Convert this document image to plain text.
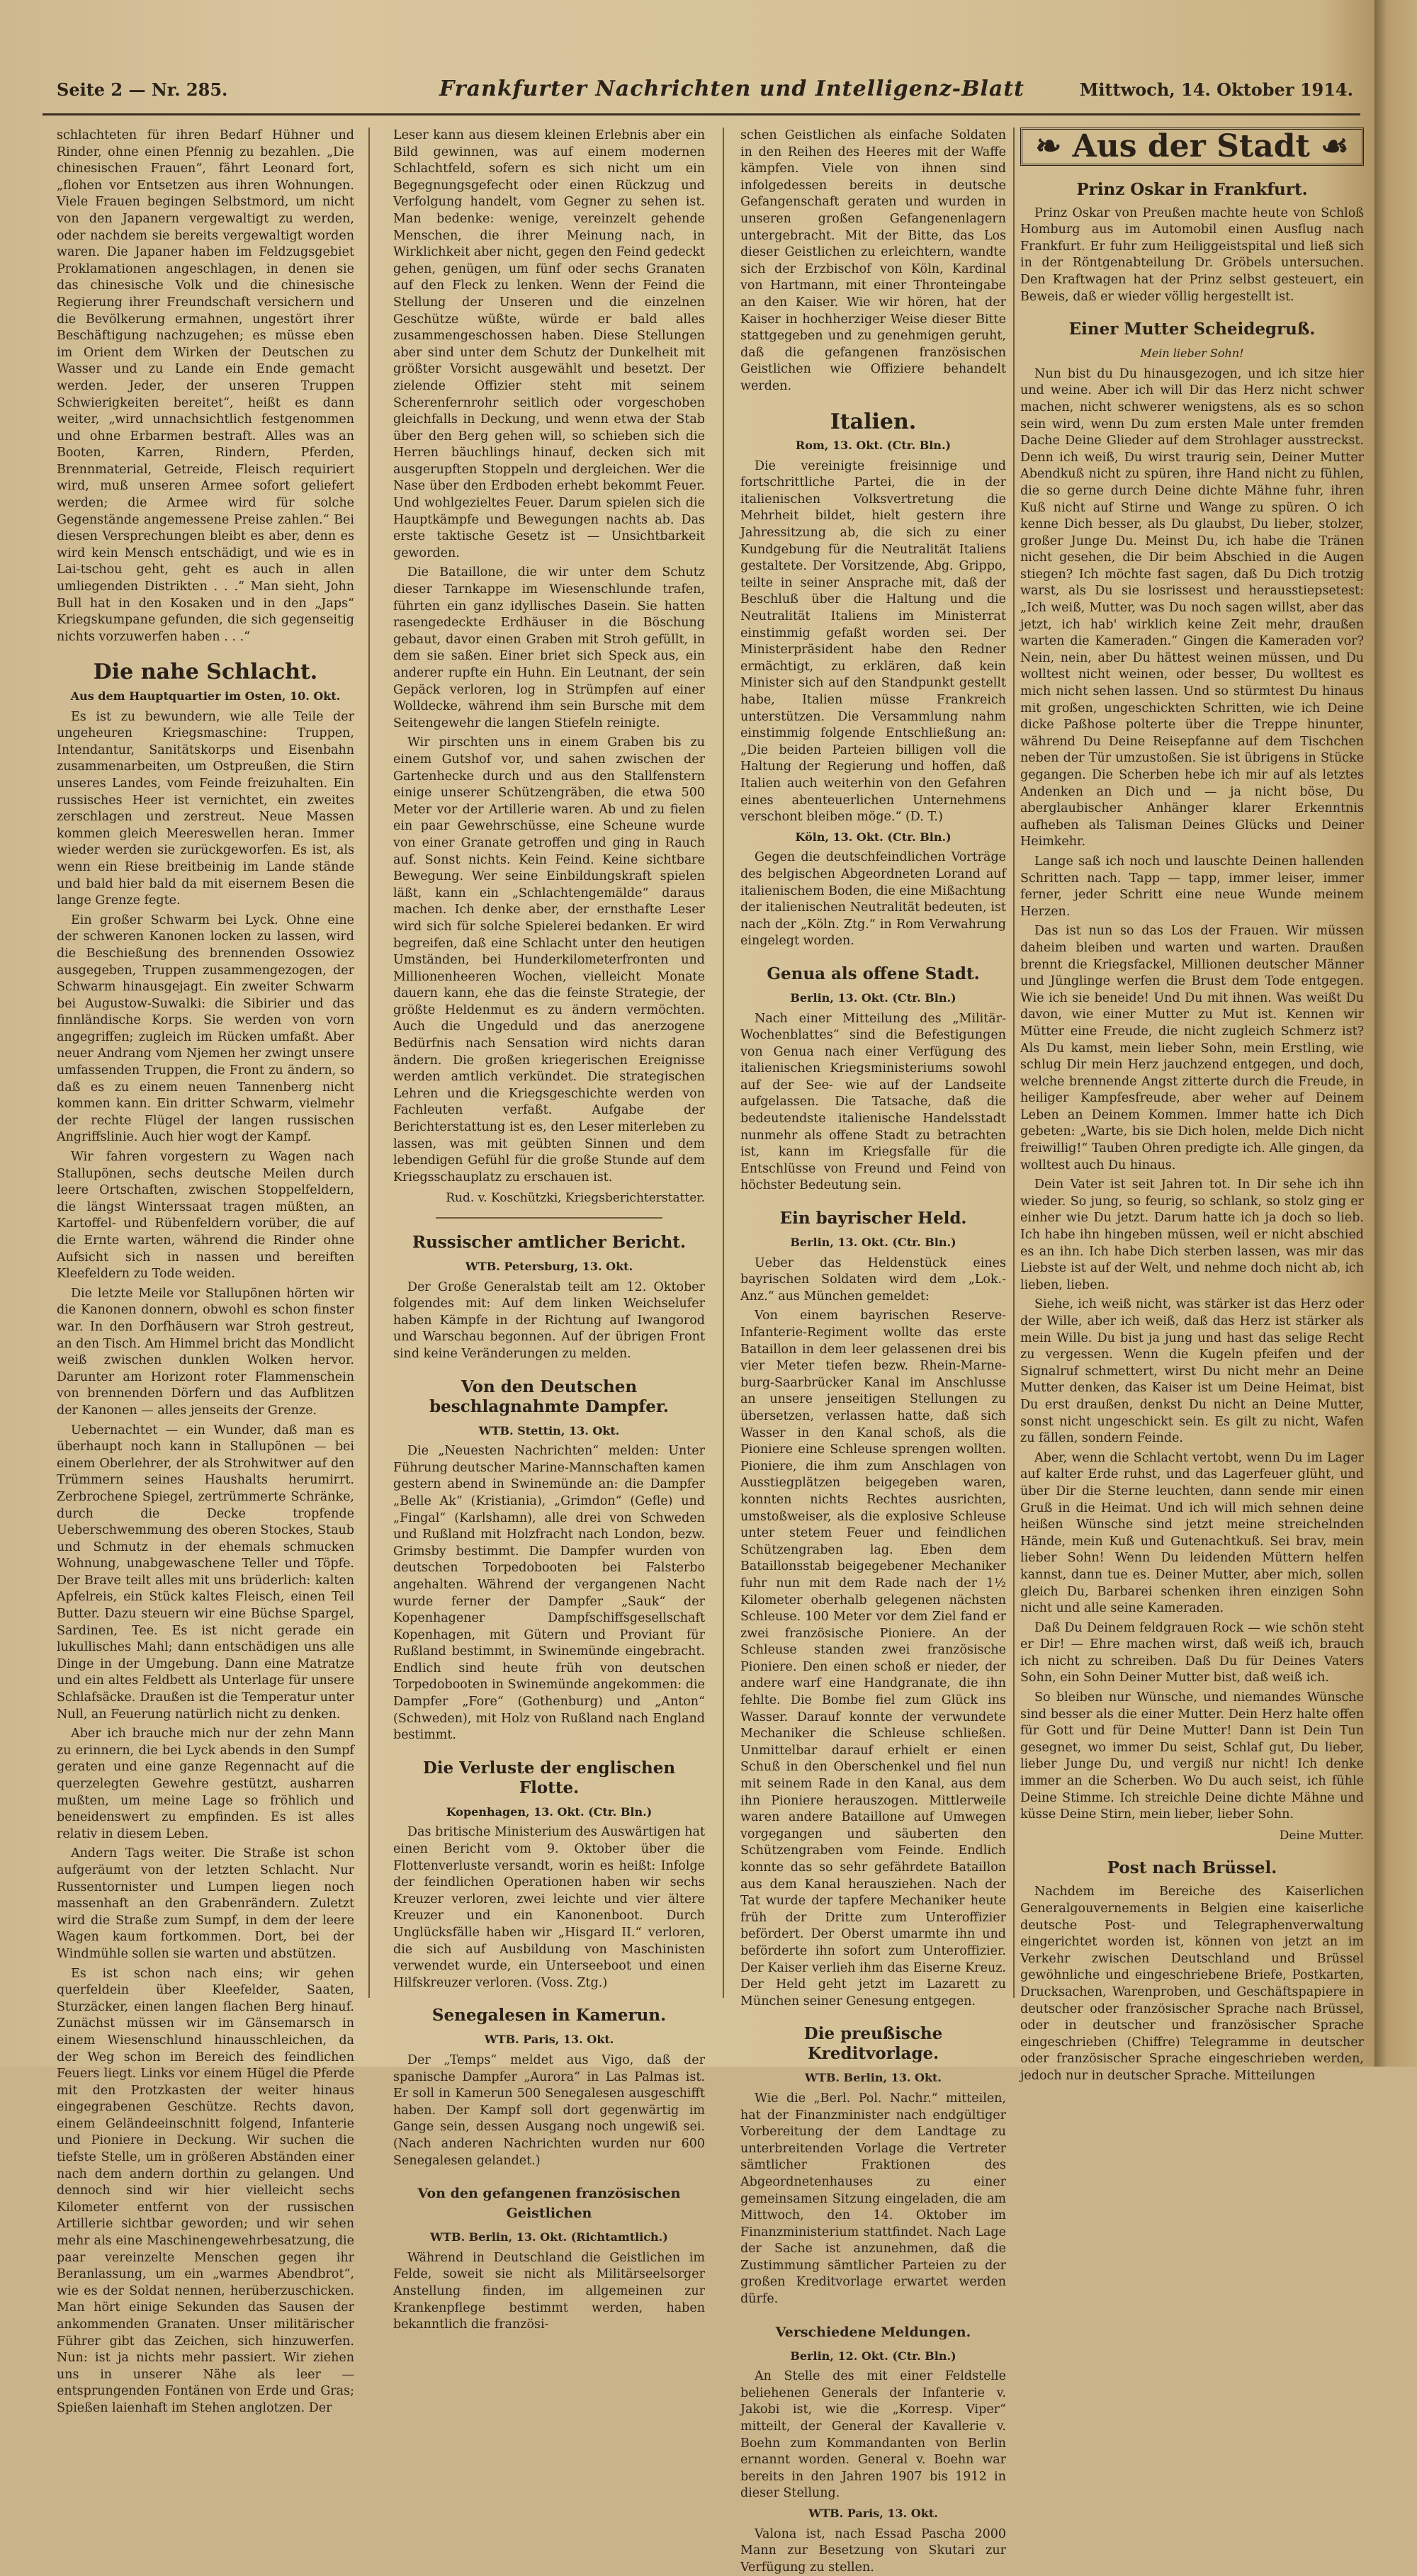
Seite 2 — Nr. 285.	Frankfurter Nachrichten und Intelligenz-Blatt	Mittwoch, 14. Oktober 1914.

schlachteten für ihren Bedarf Hühner und Rinder, ohne einen Pfennig zu bezahlen. „Die chinesischen Frauen“, fährt Leonard fort, „flohen vor Entsetzen aus ihren Wohnungen. Viele Frauen begingen Selbstmord, um nicht von den Japanern vergewaltigt zu werden, oder nachdem sie bereits vergewaltigt worden waren. Die Japaner haben im Feldzugsgebiet Proklamationen angeschlagen, in denen sie das chinesische Volk und die chinesische Regierung ihrer Freundschaft versichern und die Bevölkerung ermahnen, ungestört ihrer Beschäftigung nachzugehen; es müsse eben im Orient dem Wirken der Deutschen zu Wasser und zu Lande ein Ende gemacht werden. Jeder, der unseren Truppen Schwierigkeiten bereitet“, heißt es dann weiter, „wird unnachsichtlich festgenommen und ohne Erbarmen bestraft. Alles was an Booten, Karren, Rindern, Pferden, Brennmaterial, Getreide, Fleisch requiriert wird, muß unseren Armee sofort geliefert werden; die Armee wird für solche Gegenstände angemessene Preise zahlen.“ Bei diesen Versprechungen bleibt es aber, denn es wird kein Mensch entschädigt, und wie es in Lai-tschou geht, geht es auch in allen umliegenden Distrikten . . .“ Man sieht, John Bull hat in den Kosaken und in den „Japs“ Kriegskumpane gefunden, die sich gegenseitig nichts vorzuwerfen haben . . .“

Die nahe Schlacht.
Aus dem Hauptquartier im Osten, 10. Okt.

Es ist zu bewundern, wie alle Teile der ungeheuren Kriegsmaschine: Truppen, Intendantur, Sanitätskorps und Eisenbahn zusammenarbeiten, um Ostpreußen, die Stirn unseres Landes, vom Feinde freizuhalten. Ein russisches Heer ist vernichtet, ein zweites zerschlagen und zerstreut. Neue Massen kommen gleich Meereswellen heran. Immer wieder werden sie zurückgeworfen. Es ist, als wenn ein Riese breitbeinig im Lande stände und bald hier bald da mit eisernem Besen die lange Grenze fegte.

Ein großer Schwarm bei Lyck. Ohne eine der schweren Kanonen locken zu lassen, wird die Beschießung des brennenden Ossowiez ausgegeben, Truppen zusammengezogen, der Schwarm hinausgejagt. Ein zweiter Schwarm bei Augustow-Suwalki: die Sibirier und das finnländische Korps. Sie werden von vorn angegriffen; zugleich im Rücken umfaßt. Aber neuer Andrang vom Njemen her zwingt unsere umfassenden Truppen, die Front zu ändern, so daß es zu einem neuen Tannenberg nicht kommen kann. Ein dritter Schwarm, vielmehr der rechte Flügel der langen russischen Angriffslinie. Auch hier wogt der Kampf.

Wir fahren vorgestern zu Wagen nach Stallupönen, sechs deutsche Meilen durch leere Ortschaften, zwischen Stoppelfeldern, die längst Winterssaat tragen müßten, an Kartoffel- und Rübenfeldern vorüber, die auf die Ernte warten, während die Rinder ohne Aufsicht sich in nassen und bereiften Kleefeldern zu Tode weiden.

Die letzte Meile vor Stallupönen hörten wir die Kanonen donnern, obwohl es schon finster war. In den Dorfhäusern war Stroh gestreut, an den Tisch. Am Himmel bricht das Mondlicht weiß zwischen dunklen Wolken hervor. Darunter am Horizont roter Flammenschein von brennenden Dörfern und das Aufblitzen der Kanonen — alles jenseits der Grenze.

Uebernachtet — ein Wunder, daß man es überhaupt noch kann in Stallupönen — bei einem Oberlehrer, der als Strohwitwer auf den Trümmern seines Haushalts herumirrt. Zerbrochene Spiegel, zertrümmerte Schränke, durch die Decke tropfende Ueberschwemmung des oberen Stockes, Staub und Schmutz in der ehemals schmucken Wohnung, unabgewaschene Teller und Töpfe. Der Brave teilt alles mit uns brüderlich: kalten Apfelreis, ein Stück kaltes Fleisch, einen Teil Butter. Dazu steuern wir eine Büchse Spargel, Sardinen, Tee. Es ist nicht gerade ein lukullisches Mahl; dann entschädigen uns alle Dinge in der Umgebung. Dann eine Matratze und ein altes Feldbett als Unterlage für unsere Schlafsäcke. Draußen ist die Temperatur unter Null, an Feuerung natürlich nicht zu denken.

Aber ich brauche mich nur der zehn Mann zu erinnern, die bei Lyck abends in den Sumpf geraten und eine ganze Regennacht auf die querzelegten Gewehre gestützt, ausharren mußten, um meine Lage so fröhlich und beneidenswert zu empfinden. Es ist alles relativ in diesem Leben.

Andern Tags weiter. Die Straße ist schon aufgeräumt von der letzten Schlacht. Nur Russentornister und Lumpen liegen noch massenhaft an den Grabenrändern. Zuletzt wird die Straße zum Sumpf, in dem der leere Wagen kaum fortkommen. Dort, bei der Windmühle sollen sie warten und abstützen.

Es ist schon nach eins; wir gehen querfeldein über Kleefelder, Saaten, Sturzäcker, einen langen flachen Berg hinauf. Zunächst müssen wir im Gänsemarsch in einem Wiesenschlund hinausschleichen, da der Weg schon im Bereich des feindlichen Feuers liegt. Links vor einem Hügel die Pferde mit den Protzkasten der weiter hinaus eingegrabenen Geschütze. Rechts davon, einem Geländeeinschnitt folgend, Infanterie und Pioniere in Deckung. Wir suchen die tiefste Stelle, um in größeren Abständen einer nach dem andern dorthin zu gelangen. Und dennoch sind wir hier vielleicht sechs Kilometer entfernt von der russischen Artillerie sichtbar geworden; und wir sehen mehr als eine Maschinengewehrbesatzung, die paar vereinzelte Menschen gegen ihr Beranlassung, um ein „warmes Abendbrot“, wie es der Soldat nennen, herüberzuschicken. Man hört einige Sekunden das Sausen der ankommenden Granaten. Unser militärischer Führer gibt das Zeichen, sich hinzuwerfen. Nun: ist ja nichts mehr passiert. Wir ziehen uns in unserer Nähe als leer — entsprungenden Fontänen von Erde und Gras; Spießen laienhaft im Stehen anglotzen. Der

Leser kann aus diesem kleinen Erlebnis aber ein Bild gewinnen, was auf einem modernen Schlachtfeld, sofern es sich nicht um ein Begegnungsgefecht oder einen Rückzug und Verfolgung handelt, vom Gegner zu sehen ist. Man bedenke: wenige, vereinzelt gehende Menschen, die ihrer Meinung nach, in Wirklichkeit aber nicht, gegen den Feind gedeckt gehen, genügen, um fünf oder sechs Granaten auf den Fleck zu lenken. Wenn der Feind die Stellung der Unseren und die einzelnen Geschütze wüßte, würde er bald alles zusammengeschossen haben. Diese Stellungen aber sind unter dem Schutz der Dunkelheit mit größter Vorsicht ausgewählt und besetzt. Der zielende Offizier steht mit seinem Scherenfernrohr seitlich oder vorgeschoben gleichfalls in Deckung, und wenn etwa der Stab über den Berg gehen will, so schieben sich die Herren bäuchlings hinauf, decken sich mit ausgerupften Stoppeln und dergleichen. Wer die Nase über den Erdboden erhebt bekommt Feuer. Und wohlgezieltes Feuer. Darum spielen sich die Hauptkämpfe und Bewegungen nachts ab. Das erste taktische Gesetz ist — Unsichtbarkeit geworden.

Die Bataillone, die wir unter dem Schutz dieser Tarnkappe im Wiesenschlunde trafen, führten ein ganz idyllisches Dasein. Sie hatten rasengedeckte Erdhäuser in die Böschung gebaut, davor einen Graben mit Stroh gefüllt, in dem sie saßen. Einer briet sich Speck aus, ein anderer rupfte ein Huhn. Ein Leutnant, der sein Gepäck verloren, log in Strümpfen auf einer Wolldecke, während ihm sein Bursche mit dem Seitengewehr die langen Stiefeln reinigte.

Wir pirschten uns in einem Graben bis zu einem Gutshof vor, und sahen zwischen der Gartenhecke durch und aus den Stallfenstern einige unserer Schützengräben, die etwa 500 Meter vor der Artillerie waren. Ab und zu fielen ein paar Gewehrschüsse, eine Scheune wurde von einer Granate getroffen und ging in Rauch auf. Sonst nichts. Kein Feind. Keine sichtbare Bewegung. Wer seine Einbildungskraft spielen läßt, kann ein „Schlachtengemälde“ daraus machen. Ich denke aber, der ernsthafte Leser wird sich für solche Spielerei bedanken. Er wird begreifen, daß eine Schlacht unter den heutigen Umständen, bei Hunderkilometerfronten und Millionenheeren Wochen, vielleicht Monate dauern kann, ehe das die feinste Strategie, der größte Heldenmut es zu ändern vermöchten. Auch die Ungeduld und das anerzogene Bedürfnis nach Sensation wird nichts daran ändern. Die großen kriegerischen Ereignisse werden amtlich verkündet. Die strategischen Lehren und die Kriegsgeschichte werden von Fachleuten verfaßt. Aufgabe der Berichterstattung ist es, den Leser miterleben zu lassen, was mit geübten Sinnen und dem lebendigen Gefühl für die große Stunde auf dem Kriegsschauplatz zu erschauen ist.

Rud. v. Koschützki, Kriegsberichterstatter.
Russischer amtlicher Bericht.
WTB. Petersburg, 13. Okt.

Der Große Generalstab teilt am 12. Oktober folgendes mit: Auf dem linken Weichselufer haben Kämpfe in der Richtung auf Iwangorod und Warschau begonnen. Auf der übrigen Front sind keine Veränderungen zu melden.

Von den Deutschen beschlagnahmte Dampfer.
WTB. Stettin, 13. Okt.

Die „Neuesten Nachrichten“ melden: Unter Führung deutscher Marine-Mannschaften kamen gestern abend in Swinemünde an: die Dampfer „Belle Ak“ (Kristiania), „Grimdon“ (Gefle) und „Fingal“ (Karlshamn), alle drei von Schweden und Rußland mit Holzfracht nach London, bezw. Grimsby bestimmt. Die Dampfer wurden von deutschen Torpedobooten bei Falsterbo angehalten. Während der vergangenen Nacht wurde ferner der Dampfer „Sauk“ der Kopenhagener Dampfschiffsgesellschaft Kopenhagen, mit Gütern und Proviant für Rußland bestimmt, in Swinemünde eingebracht. Endlich sind heute früh von deutschen Torpedobooten in Swinemünde angekommen: die Dampfer „Fore“ (Gothenburg) und „Anton“ (Schweden), mit Holz von Rußland nach England bestimmt.

Die Verluste der englischen Flotte.
Kopenhagen, 13. Okt. (Ctr. Bln.)

Das britische Ministerium des Auswärtigen hat einen Bericht vom 9. Oktober über die Flottenverluste versandt, worin es heißt: Infolge der feindlichen Operationen haben wir sechs Kreuzer verloren, zwei leichte und vier ältere Kreuzer und ein Kanonenboot. Durch Unglücksfälle haben wir „Hisgard II.“ verloren, die sich auf Ausbildung von Maschinisten verwendet wurde, ein Unterseeboot und einen Hilfskreuzer verloren. (Voss. Ztg.)

Senegalesen in Kamerun.
WTB. Paris, 13. Okt.

Der „Temps“ meldet aus Vigo, daß der spanische Dampfer „Aurora“ in Las Palmas ist. Er soll in Kamerun 500 Senegalesen ausgeschifft haben. Der Kampf soll dort gegenwärtig im Gange sein, dessen Ausgang noch ungewiß sei. (Nach anderen Nachrichten wurden nur 600 Senegalesen gelandet.)

Von den gefangenen französischen Geistlichen
WTB. Berlin, 13. Okt. (Richtamtlich.)

Während in Deutschland die Geistlichen im Felde, soweit sie nicht als Militärseelsorger Anstellung finden, im allgemeinen zur Krankenpflege bestimmt werden, haben bekanntlich die französi-

schen Geistlichen als einfache Soldaten in den Reihen des Heeres mit der Waffe kämpfen. Viele von ihnen sind infolgedessen bereits in deutsche Gefangenschaft geraten und wurden in unseren großen Gefangenenlagern untergebracht. Mit der Bitte, das Los dieser Geistlichen zu erleichtern, wandte sich der Erzbischof von Köln, Kardinal von Hartmann, mit einer Thronteingabe an den Kaiser. Wie wir hören, hat der Kaiser in hochherziger Weise dieser Bitte stattgegeben und zu genehmigen geruht, daß die gefangenen französischen Geistlichen wie Offiziere behandelt werden.

Italien.
Rom, 13. Okt. (Ctr. Bln.)

Die vereinigte freisinnige und fortschrittliche Partei, die in der italienischen Volksvertretung die Mehrheit bildet, hielt gestern ihre Jahressitzung ab, die sich zu einer Kundgebung für die Neutralität Italiens gestaltete. Der Vorsitzende, Abg. Grippo, teilte in seiner Ansprache mit, daß der Beschluß über die Haltung und die Neutralität Italiens im Ministerrat einstimmig gefaßt worden sei. Der Ministerpräsident habe den Redner ermächtigt, zu erklären, daß kein Minister sich auf den Standpunkt gestellt habe, Italien müsse Frankreich unterstützen. Die Versammlung nahm einstimmig folgende Entschließung an: „Die beiden Parteien billigen voll die Haltung der Regierung und hoffen, daß Italien auch weiterhin von den Gefahren eines abenteuerlichen Unternehmens verschont bleiben möge.“ (D. T.)

Köln, 13. Okt. (Ctr. Bln.)

Gegen die deutschfeindlichen Vorträge des belgischen Abgeordneten Lorand auf italienischem Boden, die eine Mißachtung der italienischen Neutralität bedeuten, ist nach der „Köln. Ztg.“ in Rom Verwahrung eingelegt worden.

Genua als offene Stadt.
Berlin, 13. Okt. (Ctr. Bln.)

Nach einer Mitteilung des „Militär-Wochenblattes“ sind die Befestigungen von Genua nach einer Verfügung des italienischen Kriegsministeriums sowohl auf der See- wie auf der Landseite aufgelassen. Die Tatsache, daß die bedeutendste italienische Handelsstadt nunmehr als offene Stadt zu betrachten ist, kann im Kriegsfalle für die Entschlüsse von Freund und Feind von höchster Bedeutung sein.

Ein bayrischer Held.
Berlin, 13. Okt. (Ctr. Bln.)

Ueber das Heldenstück eines bayrischen Soldaten wird dem „Lok.-Anz.“ aus München gemeldet:

Von einem bayrischen Reserve-Infanterie-Regiment wollte das erste Bataillon in dem leer gelassenen drei bis vier Meter tiefen bezw. Rhein-Marne-burg-Saarbrücker Kanal im Anschlusse an unsere jenseitigen Stellungen zu übersetzen, verlassen hatte, daß sich Wasser in den Kanal schoß, als die Pioniere eine Schleuse sprengen wollten. Pioniere, die ihm zum Anschlagen von Ausstiegplätzen beigegeben waren, konnten nichts Rechtes ausrichten, umstoßweiser, als die explosive Schleuse unter stetem Feuer und feindlichen Schützengraben lag. Eben dem Bataillonsstab beigegebener Mechaniker fuhr nun mit dem Rade nach der 1½ Kilometer oberhalb gelegenen nächsten Schleuse. 100 Meter vor dem Ziel fand er zwei französische Pioniere. An der Schleuse standen zwei französische Pioniere. Den einen schoß er nieder, der andere warf eine Handgranate, die ihn fehlte. Die Bombe fiel zum Glück ins Wasser. Darauf konnte der verwundete Mechaniker die Schleuse schließen. Unmittelbar darauf erhielt er einen Schuß in den Oberschenkel und fiel nun mit seinem Rade in den Kanal, aus dem ihn Pioniere herauszogen. Mittlerweile waren andere Bataillone auf Umwegen vorgegangen und säuberten den Schützengraben vom Feinde. Endlich konnte das so sehr gefährdete Bataillon aus dem Kanal herausziehen. Nach der Tat wurde der tapfere Mechaniker heute früh der Dritte zum Unteroffizier befördert. Der Oberst umarmte ihn und beförderte ihn sofort zum Unteroffizier. Der Kaiser verlieh ihm das Eiserne Kreuz. Der Held geht jetzt im Lazarett zu München seiner Genesung entgegen.

Die preußische Kreditvorlage.
WTB. Berlin, 13. Okt.

Wie die „Berl. Pol. Nachr.“ mitteilen, hat der Finanzminister nach endgültiger Vorbereitung der dem Landtage zu unterbreitenden Vorlage die Vertreter sämtlicher Fraktionen des Abgeordnetenhauses zu einer gemeinsamen Sitzung eingeladen, die am Mittwoch, den 14. Oktober im Finanzministerium stattfindet. Nach Lage der Sache ist anzunehmen, daß die Zustimmung sämtlicher Parteien zu der großen Kreditvorlage erwartet werden dürfe.

Verschiedene Meldungen.
Berlin, 12. Okt. (Ctr. Bln.)

An Stelle des mit einer Feldstelle beliehenen Generals der Infanterie v. Jakobi ist, wie die „Korresp. Viper“ mitteilt, der General der Kavallerie v. Boehn zum Kommandanten von Berlin ernannt worden. General v. Boehn war bereits in den Jahren 1907 bis 1912 in dieser Stellung.

WTB. Paris, 13. Okt.

Valona ist, nach Essad Pascha 2000 Mann zur Besetzung von Skutari zur Verfügung zu stellen.

❧ Aus der Stadt ☙
Prinz Oskar in Frankfurt.

Prinz Oskar von Preußen machte heute von Schloß Homburg aus im Automobil einen Ausflug nach Frankfurt. Er fuhr zum Heiliggeistspital und ließ sich in der Röntgenabteilung Dr. Gröbels untersuchen. Den Kraftwagen hat der Prinz selbst gesteuert, ein Beweis, daß er wieder völlig hergestellt ist.

Einer Mutter Scheidegruß.
Mein lieber Sohn!

Nun bist du Du hinausgezogen, und ich sitze hier und weine. Aber ich will Dir das Herz nicht schwer machen, nicht schwerer wenigstens, als es so schon sein wird, wenn Du zum ersten Male unter fremden Dache Deine Glieder auf dem Strohlager ausstreckst. Denn ich weiß, Du wirst traurig sein, Deiner Mutter Abendkuß nicht zu spüren, ihre Hand nicht zu fühlen, die so gerne durch Deine dichte Mähne fuhr, ihren Kuß nicht auf Stirne und Wange zu spüren. O ich kenne Dich besser, als Du glaubst, Du lieber, stolzer, großer Junge Du. Meinst Du, ich habe die Tränen nicht gesehen, die Dir beim Abschied in die Augen stiegen? Ich möchte fast sagen, daß Du Dich trotzig warst, als Du sie losrissest und herausstiepsetest: „Ich weiß, Mutter, was Du noch sagen willst, aber das jetzt, ich hab' wirklich keine Zeit mehr, draußen warten die Kameraden.“ Gingen die Kameraden vor? Nein, nein, aber Du hättest weinen müssen, und Du wolltest nicht weinen, oder besser, Du wolltest es mich nicht sehen lassen. Und so stürmtest Du hinaus mit großen, ungeschickten Schritten, wie ich Deine dicke Paßhose polterte über die Treppe hinunter, während Du Deine Reisepfanne auf dem Tischchen neben der Tür umzustoßen. Sie ist übrigens in Stücke gegangen. Die Scherben hebe ich mir auf als letztes Andenken an Dich und — ja nicht böse, Du aberglaubischer Anhänger klarer Erkenntnis aufheben als Talisman Deines Glücks und Deiner Heimkehr.

Lange saß ich noch und lauschte Deinen hallenden Schritten nach. Tapp — tapp, immer leiser, immer ferner, jeder Schritt eine neue Wunde meinem Herzen.

Das ist nun so das Los der Frauen. Wir müssen daheim bleiben und warten und warten. Draußen brennt die Kriegsfackel, Millionen deutscher Männer und Jünglinge werfen die Brust dem Tode entgegen. Wie ich sie beneide! Und Du mit ihnen. Was weißt Du davon, wie einer Mutter zu Mut ist. Kennen wir Mütter eine Freude, die nicht zugleich Schmerz ist? Als Du kamst, mein lieber Sohn, mein Erstling, wie schlug Dir mein Herz jauchzend entgegen, und doch, welche brennende Angst zitterte durch die Freude, in heiliger Kampfesfreude, aber weher auf Deinem Leben an Deinem Kommen. Immer hatte ich Dich gebeten: „Warte, bis sie Dich holen, melde Dich nicht freiwillig!“ Tauben Ohren predigte ich. Alle gingen, da wolltest auch Du hinaus.

Dein Vater ist seit Jahren tot. In Dir sehe ich ihn wieder. So jung, so feurig, so schlank, so stolz ging er einher wie Du jetzt. Darum hatte ich ja doch so lieb. Ich habe ihn hingeben müssen, weil er nicht abschied es an ihn. Ich habe Dich sterben lassen, was mir das Liebste ist auf der Welt, und nehme doch nicht ab, ich lieben, lieben.

Siehe, ich weiß nicht, was stärker ist das Herz oder der Wille, aber ich weiß, daß das Herz ist stärker als mein Wille. Du bist ja jung und hast das selige Recht zu vergessen. Wenn die Kugeln pfeifen und der Signalruf schmettert, wirst Du nicht mehr an Deine Mutter denken, das Kaiser ist um Deine Heimat, bist Du erst draußen, denkst Du nicht an Deine Mutter, sonst nicht ungeschickt sein. Es gilt zu nicht, Wafen zu fällen, sondern Feinde.

Aber, wenn die Schlacht vertobt, wenn Du im Lager auf kalter Erde ruhst, und das Lagerfeuer glüht, und über Dir die Sterne leuchten, dann sende mir einen Gruß in die Heimat. Und ich will mich sehnen deine heißen Wünsche sind jetzt meine streichelnden Hände, mein Kuß und Gutenachtkuß. Sei brav, mein lieber Sohn! Wenn Du leidenden Müttern helfen kannst, dann tue es. Deiner Mutter, aber mich, sollen gleich Du, Barbarei schenken ihren einzigen Sohn nicht und alle seine Kameraden.

Daß Du Deinem feldgrauen Rock — wie schön steht er Dir! — Ehre machen wirst, daß weiß ich, brauch ich nicht zu schreiben. Daß Du für Deines Vaters Sohn, ein Sohn Deiner Mutter bist, daß weiß ich.

So bleiben nur Wünsche, und niemandes Wünsche sind besser als die einer Mutter. Dein Herz halte offen für Gott und für Deine Mutter! Dann ist Dein Tun gesegnet, wo immer Du seist, Schlaf gut, Du lieber, lieber Junge Du, und vergiß nur nicht! Ich denke immer an die Scherben. Wo Du auch seist, ich fühle Deine Stimme. Ich streichle Deine dichte Mähne und küsse Deine Stirn, mein lieber, lieber Sohn.

Deine Mutter.
Post nach Brüssel.

Nachdem im Bereiche des Kaiserlichen Generalgouvernements in Belgien eine kaiserliche deutsche Post- und Telegraphenverwaltung eingerichtet worden ist, können von jetzt an im Verkehr zwischen Deutschland und Brüssel gewöhnliche und eingeschriebene Briefe, Postkarten, Drucksachen, Warenproben, und Geschäftspapiere in deutscher oder französischer Sprache nach Brüssel, oder in deutscher und französischer Sprache eingeschrieben (Chiffre) Telegramme in deutscher oder französischer Sprache eingeschrieben werden, jedoch nur in deutscher Sprache. Mitteilungen
